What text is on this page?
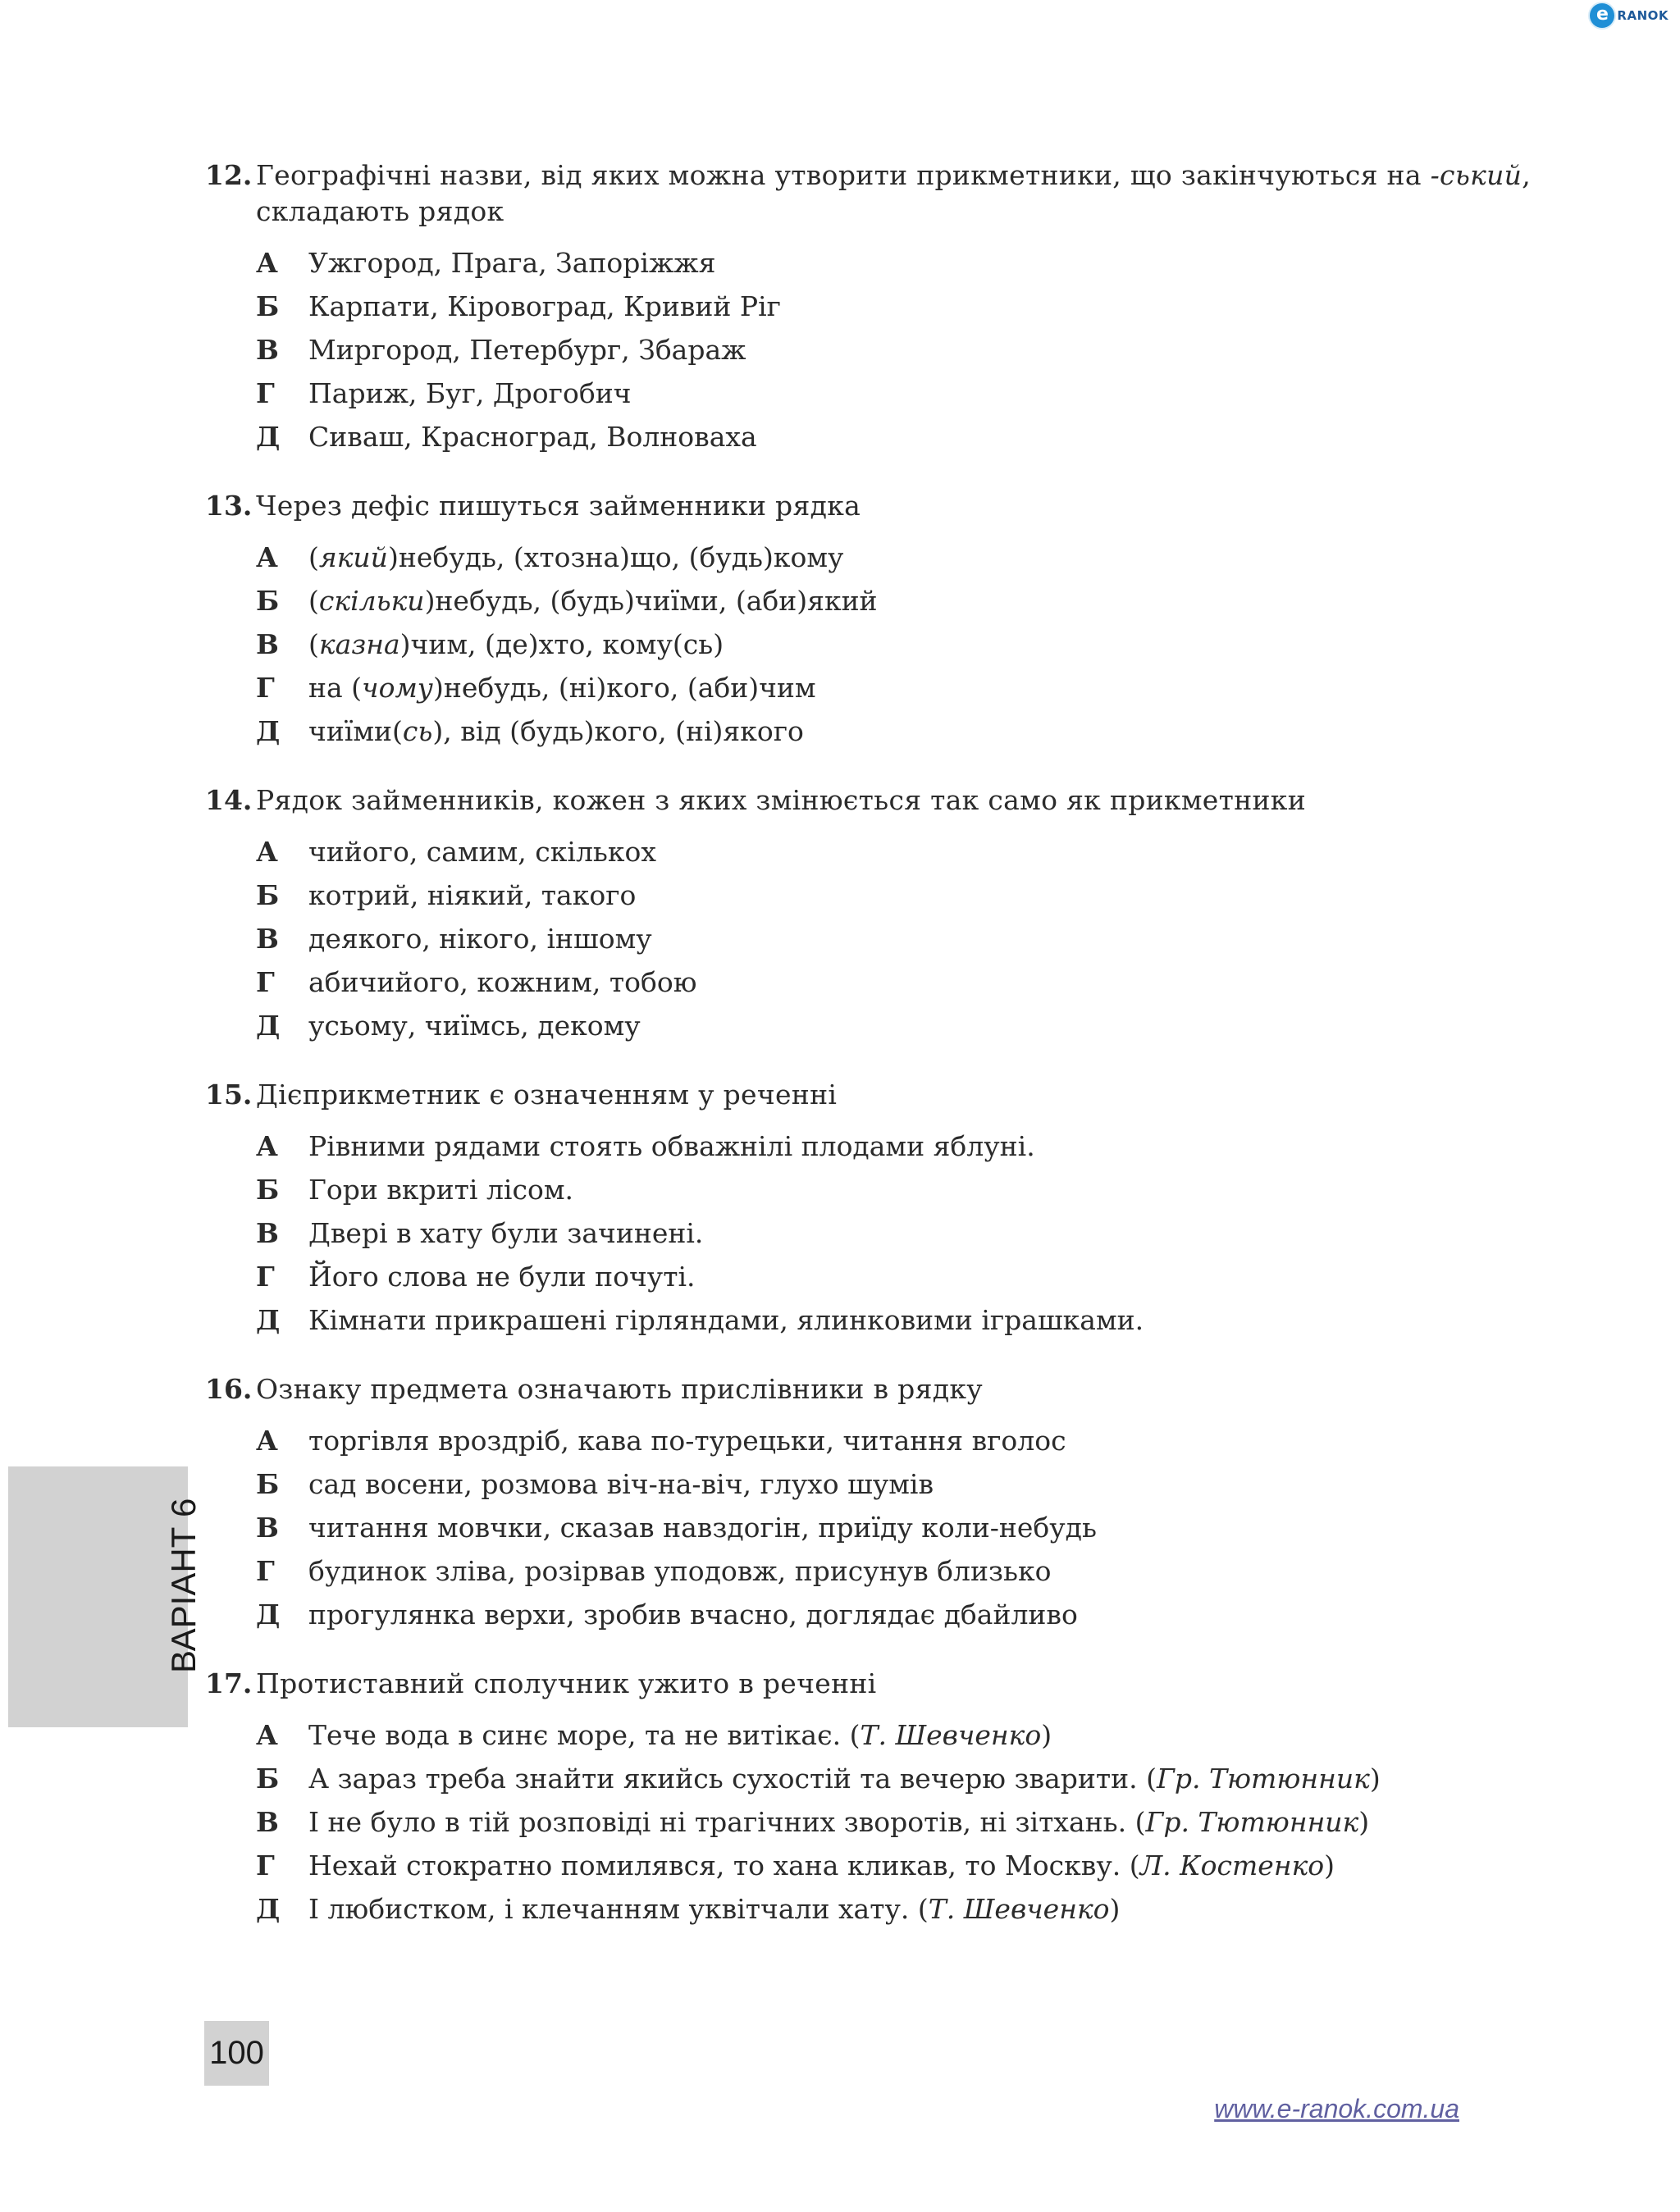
e RANOK
12. Географічні назви, від яких можна утворити прикметники, що закінчуються на -ський, складають рядок
А	Ужгород, Прага, Запоріжжя
Б	Карпати, Кіровоград, Кривий Ріг
В	Миргород, Петербург, Збараж
Г	Париж, Буг, Дрогобич
Д	Сиваш, Красноград, Волноваха
13. Через дефіс пишуться займенники рядка
А	(який)небудь, (хтозна)що, (будь)кому
Б	(скільки)небудь, (будь)чиїми, (аби)який
В	(казна)чим, (де)хто, кому(сь)
Г	на (чому)небудь, (ні)кого, (аби)чим
Д	чиїми(сь), від (будь)кого, (ні)якого
14. Рядок займенників, кожен з яких змінюється так само як прикметники
А	чийого, самим, скількох
Б	котрий, ніякий, такого
В	деякого, нікого, іншому
Г	абичийого, кожним, тобою
Д	усьому, чиїмсь, декому
15. Дієприкметник є означенням у реченні
А	Рівними рядами стоять обважнілі плодами яблуні.
Б	Гори вкриті лісом.
В	Двері в хату були зачинені.
Г	Його слова не були почуті.
Д	Кімнати прикрашені гірляндами, ялинковими іграшками.
16. Ознаку предмета означають прислівники в рядку
А	торгівля вроздріб, кава по-турецьки, читання вголос
Б	сад восени, розмова віч-на-віч, глухо шумів
В	читання мовчки, сказав навздогін, приїду коли-небудь
Г	будинок зліва, розірвав уподовж, присунув близько
Д	прогулянка верхи, зробив вчасно, доглядає дбайливо
17. Протиставний сполучник ужито в реченні
А	Тече вода в синє море, та не витікає. (Т. Шевченко)
Б	А зараз треба знайти якийсь сухостій та вечерю зварити. (Гр. Тютюнник)
В	І не було в тій розповіді ні трагічних зворотів, ні зітхань. (Гр. Тютюнник)
Г	Нехай стократно помилявся, то хана кликав, то Москву. (Л. Костенко)
Д	І любистком, і клечанням уквітчали хату. (Т. Шевченко)
ВАРІАНТ 6
100
www.e-ranok.com.ua
